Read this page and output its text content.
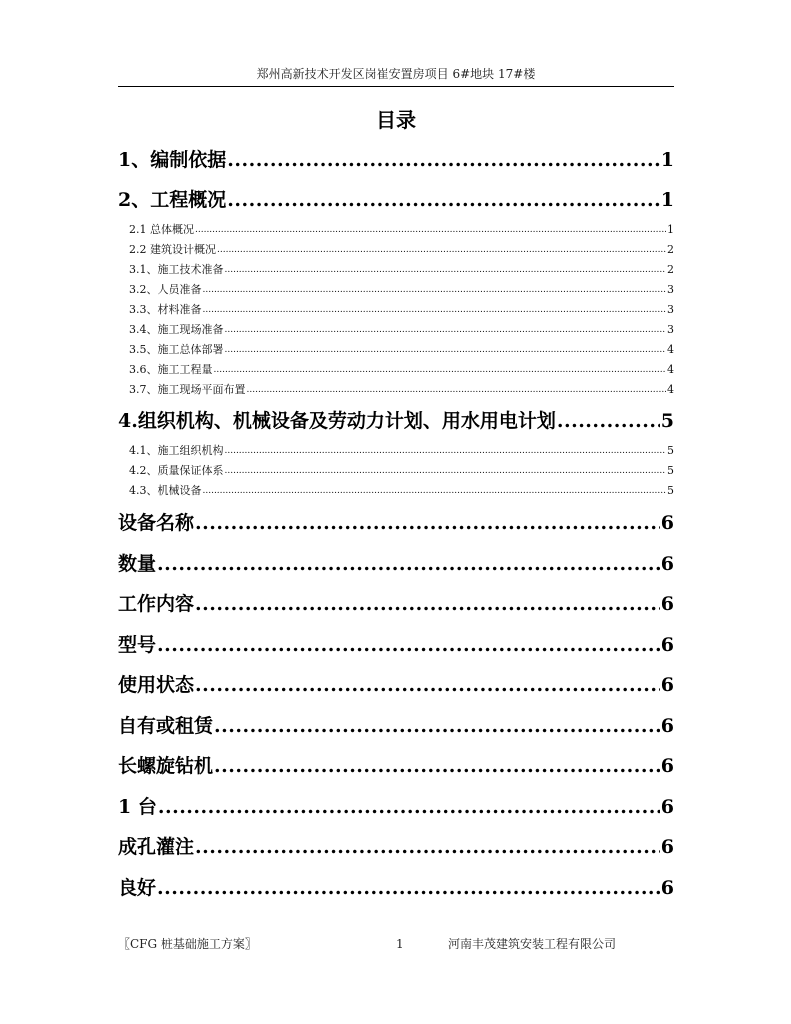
郑州高新技术开发区岗崔安置房项目 6#地块 17#楼
目录
1、编制依据 .....	1
2、工程概况 .....	1
2.1 总体概况 .....	1
2.2 建筑设计概况 .....	2
3.1、施工技术准备 .....	2
3.2、人员准备 .....	3
3.3、材料准备 .....	3
3.4、施工现场准备 .....	3
3.5、施工总体部署 .....	4
3.6、施工工程量 .....	4
3.7、施工现场平面布置 .....	4
4.组织机构、机械设备及劳动力计划、用水用电计划 .....	5
4.1、施工组织机构 .....	5
4.2、质量保证体系 .....	5
4.3、机械设备 .....	5
设备名称 .....	6
数量 .....	6
工作内容 .....	6
型号 .....	6
使用状态 .....	6
自有或租赁 .....	6
长螺旋钻机 .....	6
1 台 .....	6
成孔灌注 .....	6
良好 .....	6
〖CFG 桩基础施工方案〗	1	河南丰茂建筑安装工程有限公司
